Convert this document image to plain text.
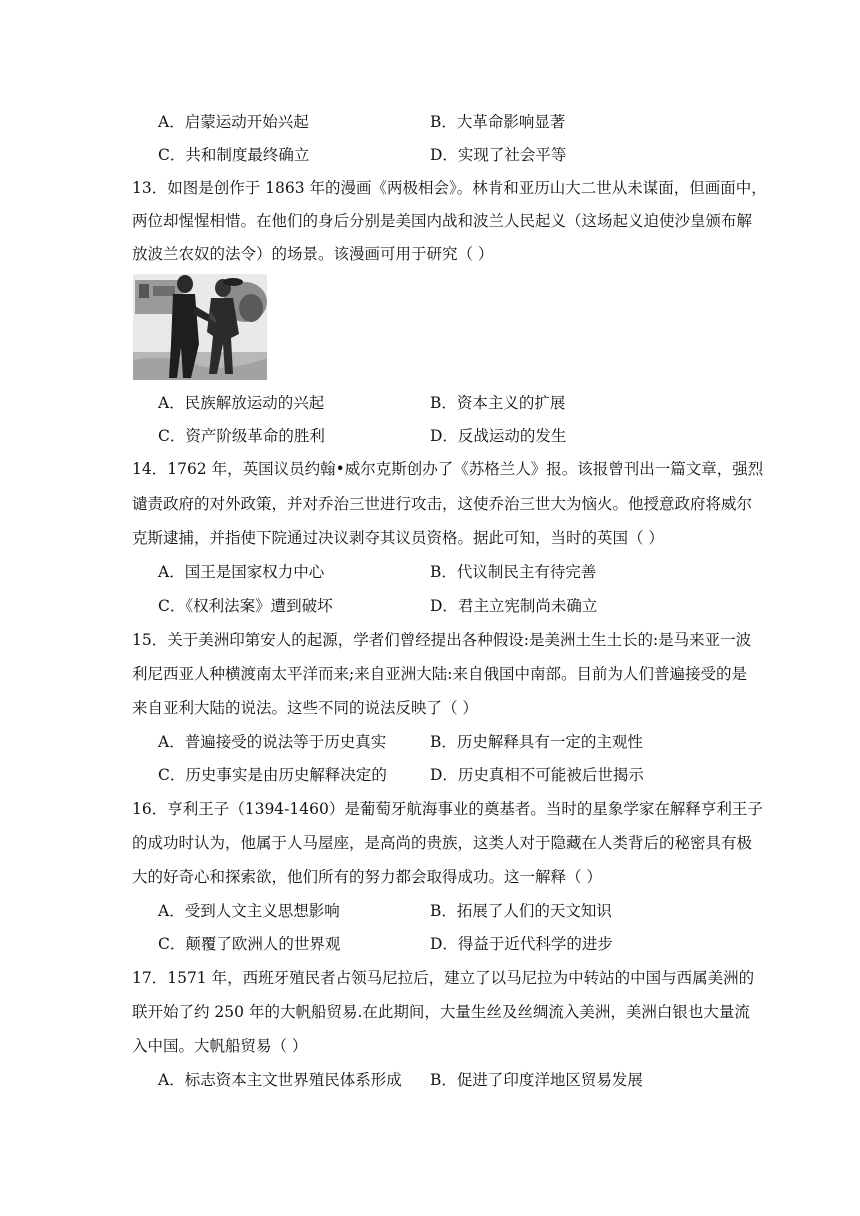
A．启蒙运动开始兴起	B．大革命影响显著
C．共和制度最终确立	D．实现了社会平等
13．如图是创作于 1863 年的漫画《两极相会》。林肯和亚历山大二世从未谋面，但画面中，
两位却惺惺相惜。在他们的身后分别是美国内战和波兰人民起义（这场起义迫使沙皇颁布解
放波兰农奴的法令）的场景。该漫画可用于研究（ ）
A．民族解放运动的兴起	B．资本主义的扩展
C．资产阶级革命的胜利	D．反战运动的发生
14．1762 年，英国议员约翰•威尔克斯创办了《苏格兰人》报。该报曾刊出一篇文章，强烈
谴责政府的对外政策，并对乔治三世进行攻击，这使乔治三世大为恼火。他授意政府将威尔
克斯逮捕，并指使下院通过决议剥夺其议员资格。据此可知，当时的英国（ ）
A．国王是国家权力中心	B．代议制民主有待完善
C．《权利法案》遭到破坏	D．君主立宪制尚未确立
15．关于美洲印第安人的起源，学者们曾经提出各种假设:是美洲土生土长的:是马来亚一波
利尼西亚人种横渡南太平洋而来;来自亚洲大陆:来自俄国中南部。目前为人们普遍接受的是
来自亚利大陆的说法。这些不同的说法反映了（ ）
A．普遍接受的说法等于历史真实	B．历史解释具有一定的主观性
C．历史事实是由历史解释决定的	D．历史真相不可能被后世揭示
16．亨利王子（1394-1460）是葡萄牙航海事业的奠基者。当时的星象学家在解释亨利王子
的成功时认为，他属于人马屋座，是高尚的贵族，这类人对于隐藏在人类背后的秘密具有极
大的好奇心和探索欲，他们所有的努力都会取得成功。这一解释（ ）
A．受到人文主义思想影响	B．拓展了人们的天文知识
C．颠覆了欧洲人的世界观	D．得益于近代科学的进步
17．1571 年，西班牙殖民者占领马尼拉后，建立了以马尼拉为中转站的中国与西属美洲的
联开始了约 250 年的大帆船贸易.在此期间，大量生丝及丝绸流入美洲，美洲白银也大量流
入中国。大帆船贸易（ ）
A．标志资本主文世界殖民体系形成 B．促进了印度洋地区贸易发展
